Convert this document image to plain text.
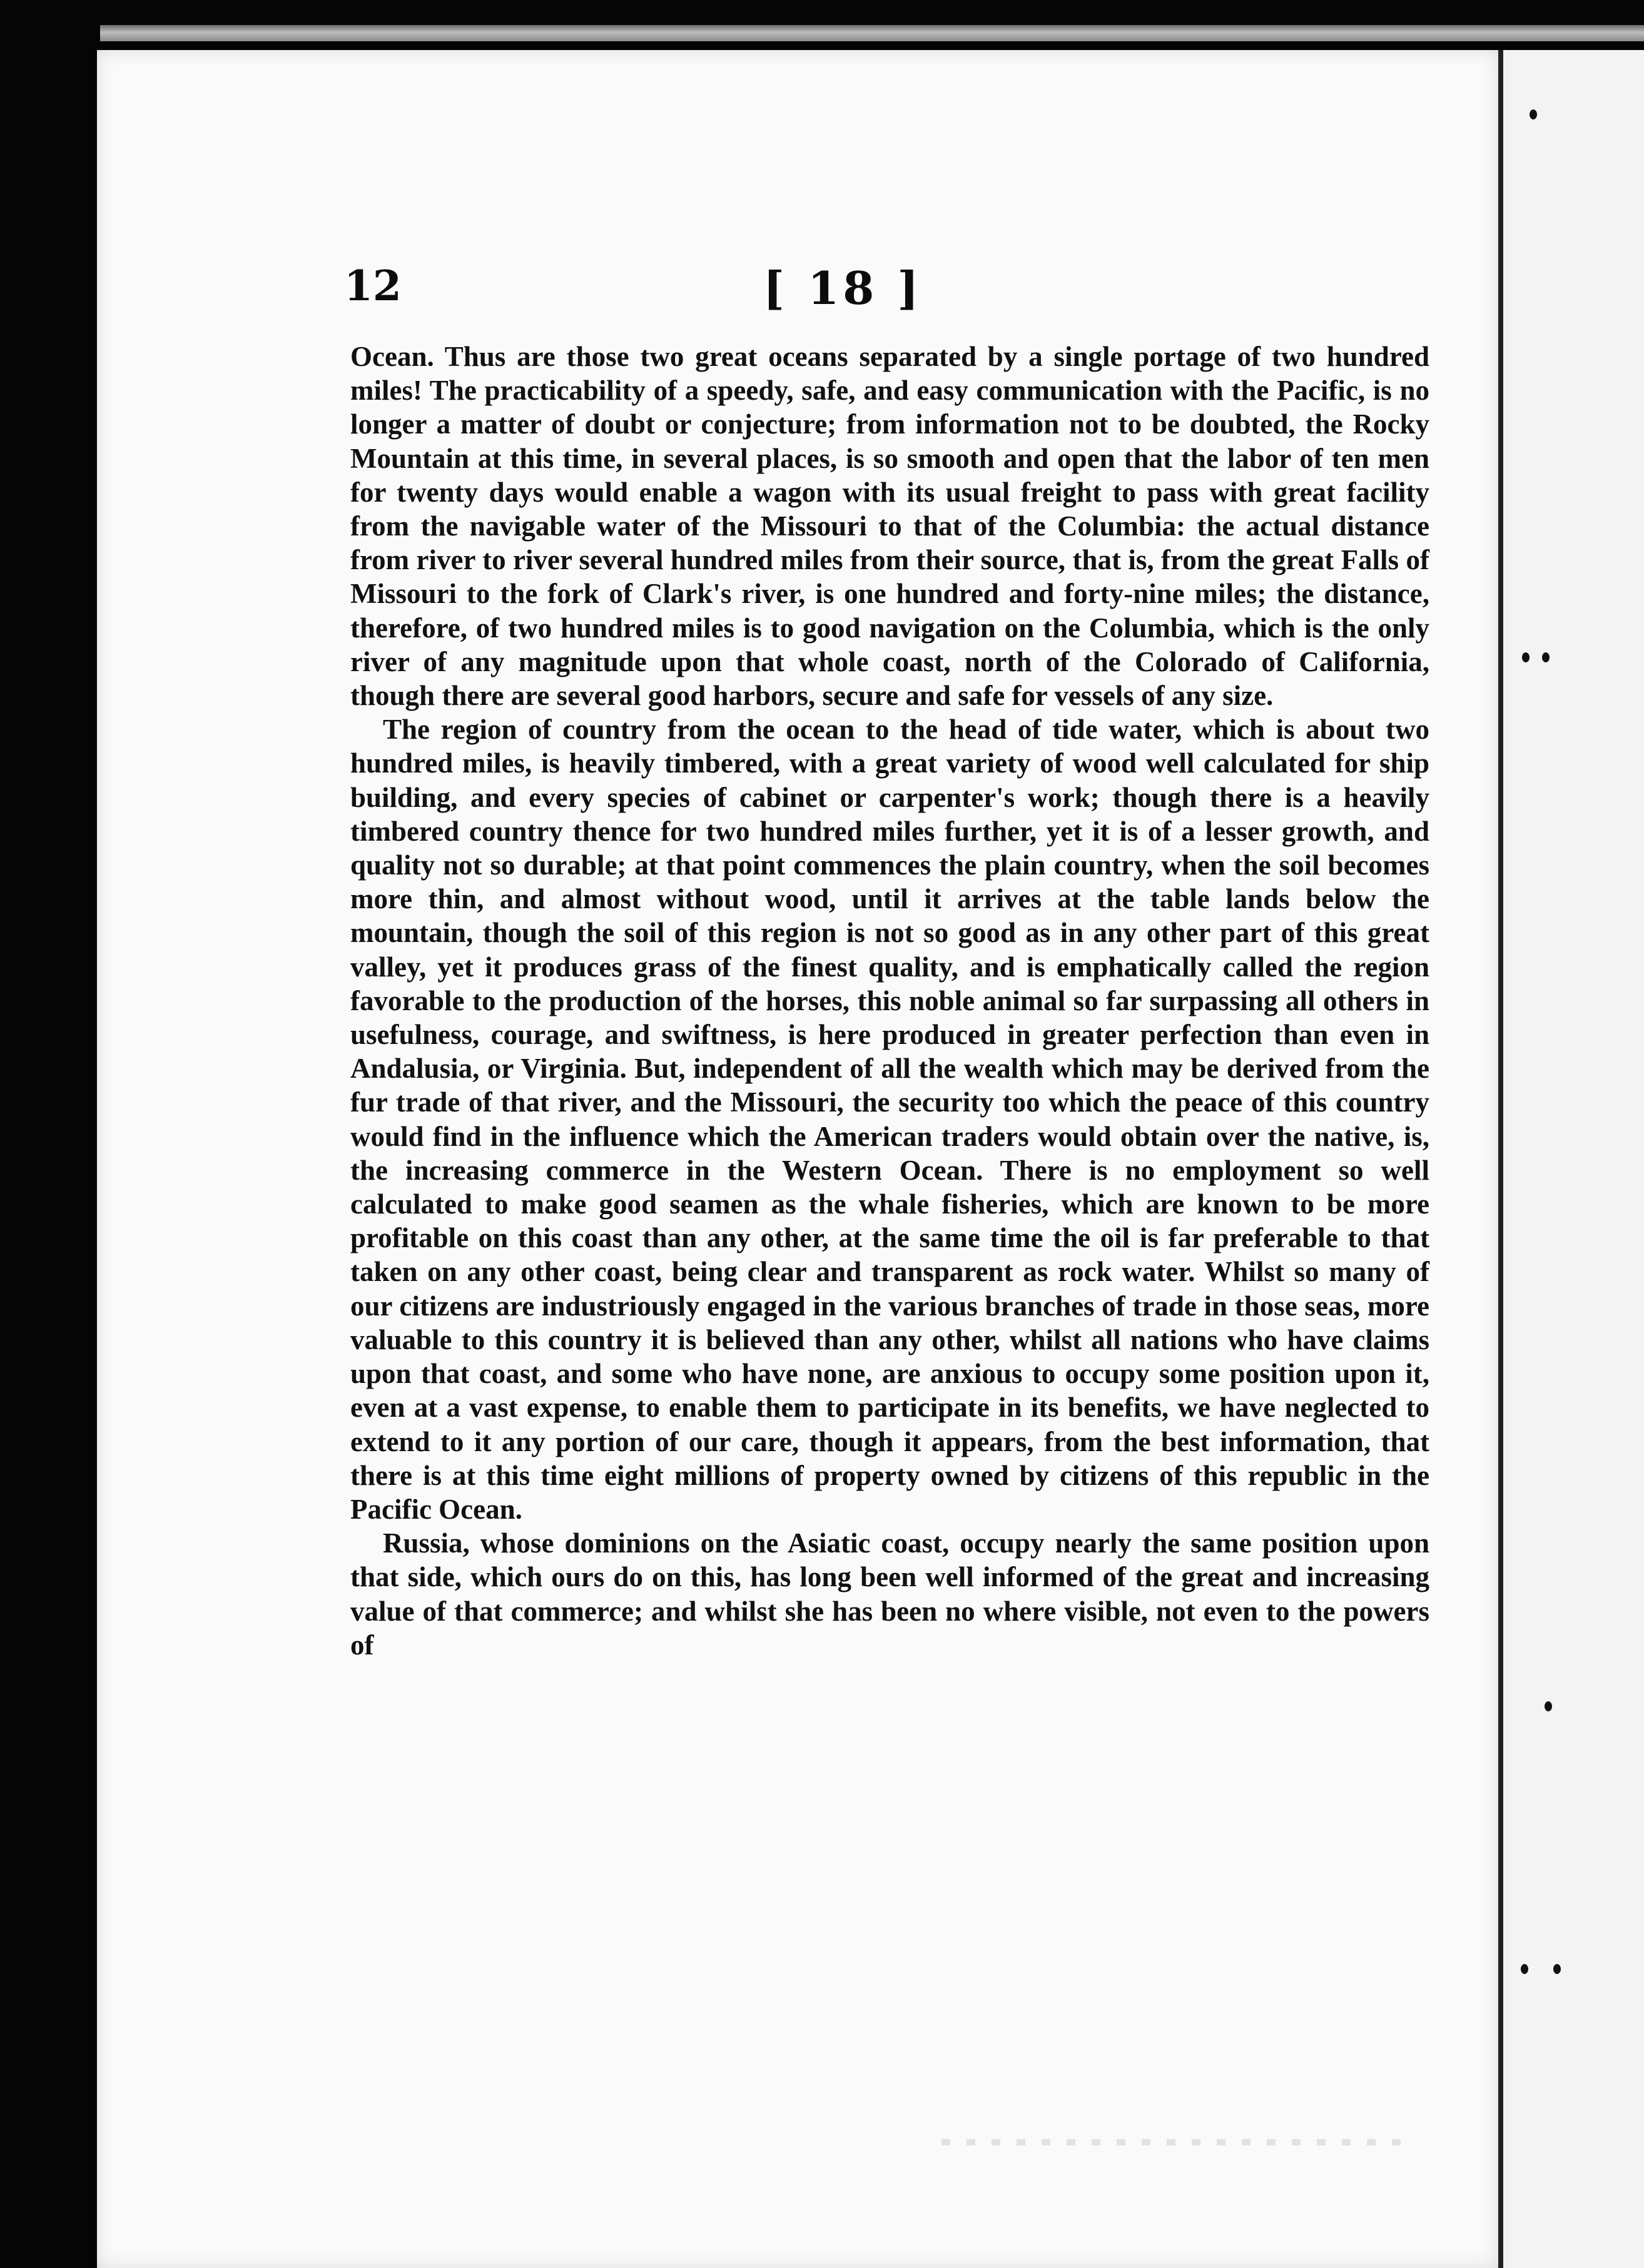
12	[ 18 ]

Ocean. Thus are those two great oceans separated by a single portage of two hundred miles! The practicability of a speedy, safe, and easy communication with the Pacific, is no longer a matter of doubt or conjecture; from information not to be doubted, the Rocky Mountain at this time, in several places, is so smooth and open that the labor of ten men for twenty days would enable a wagon with its usual freight to pass with great facility from the navigable water of the Missouri to that of the Columbia: the actual distance from river to river several hundred miles from their source, that is, from the great Falls of Missouri to the fork of Clark's river, is one hundred and forty-nine miles; the distance, therefore, of two hundred miles is to good navigation on the Columbia, which is the only river of any magnitude upon that whole coast, north of the Colorado of California, though there are several good harbors, secure and safe for vessels of any size.

The region of country from the ocean to the head of tide water, which is about two hundred miles, is heavily timbered, with a great variety of wood well calculated for ship building, and every species of cabinet or carpenter's work; though there is a heavily timbered country thence for two hundred miles further, yet it is of a lesser growth, and quality not so durable; at that point commences the plain country, when the soil becomes more thin, and almost without wood, until it arrives at the table lands below the mountain, though the soil of this region is not so good as in any other part of this great valley, yet it produces grass of the finest quality, and is emphatically called the region favorable to the production of the horses, this noble animal so far surpassing all others in usefulness, courage, and swiftness, is here produced in greater perfection than even in Andalusia, or Virginia. But, independent of all the wealth which may be derived from the fur trade of that river, and the Missouri, the security too which the peace of this country would find in the influence which the American traders would obtain over the native, is, the increasing commerce in the Western Ocean. There is no employment so well calculated to make good seamen as the whale fisheries, which are known to be more profitable on this coast than any other, at the same time the oil is far preferable to that taken on any other coast, being clear and transparent as rock water. Whilst so many of our citizens are industriously engaged in the various branches of trade in those seas, more valuable to this country it is believed than any other, whilst all nations who have claims upon that coast, and some who have none, are anxious to occupy some position upon it, even at a vast expense, to enable them to participate in its benefits, we have neglected to extend to it any portion of our care, though it appears, from the best information, that there is at this time eight millions of property owned by citizens of this republic in the Pacific Ocean.

Russia, whose dominions on the Asiatic coast, occupy nearly the same position upon that side, which ours do on this, has long been well informed of the great and increasing value of that commerce; and whilst she has been no where visible, not even to the powers of
